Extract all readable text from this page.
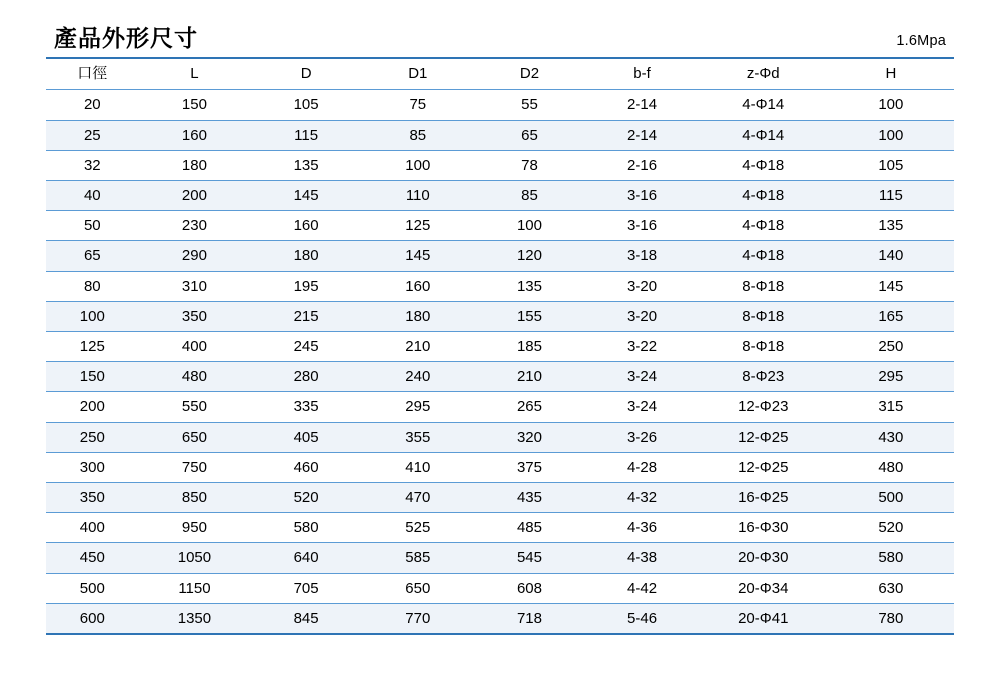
產品外形尺寸	1.6Mpa
口徑	L	D	D1	D2	b-f	z-Φd	H
20	150	105	75	55	2-14	4-Φ14	100
25	160	115	85	65	2-14	4-Φ14	100
32	180	135	100	78	2-16	4-Φ18	105
40	200	145	110	85	3-16	4-Φ18	115
50	230	160	125	100	3-16	4-Φ18	135
65	290	180	145	120	3-18	4-Φ18	140
80	310	195	160	135	3-20	8-Φ18	145
100	350	215	180	155	3-20	8-Φ18	165
125	400	245	210	185	3-22	8-Φ18	250
150	480	280	240	210	3-24	8-Φ23	295
200	550	335	295	265	3-24	12-Φ23	315
250	650	405	355	320	3-26	12-Φ25	430
300	750	460	410	375	4-28	12-Φ25	480
350	850	520	470	435	4-32	16-Φ25	500
400	950	580	525	485	4-36	16-Φ30	520
450	1050	640	585	545	4-38	20-Φ30	580
500	1150	705	650	608	4-42	20-Φ34	630
600	1350	845	770	718	5-46	20-Φ41	780
